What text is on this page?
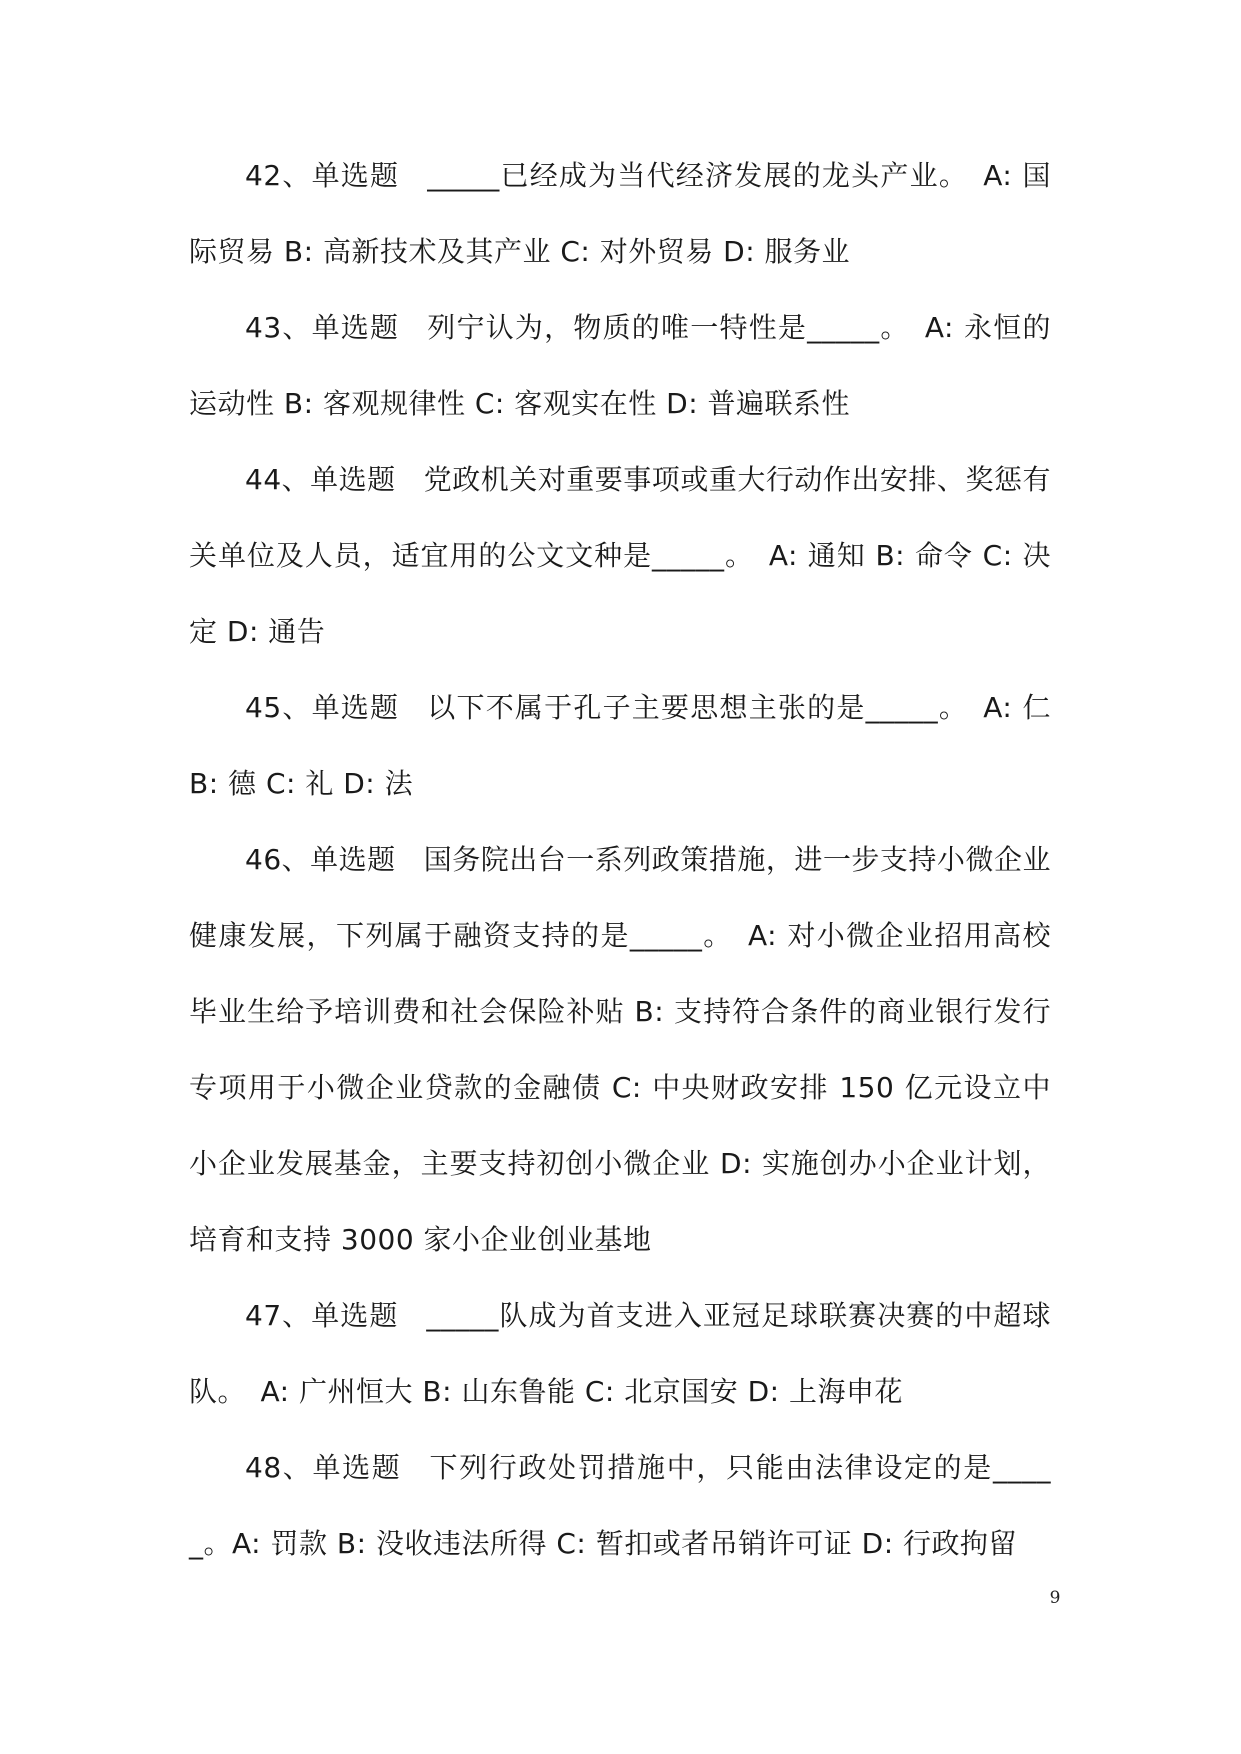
42、单选题 _____已经成为当代经济发展的龙头产业。　A: 国际贸易 B: 高新技术及其产业 C: 对外贸易 D: 服务业

43、单选题 列宁认为，物质的唯一特性是_____。　A: 永恒的运动性 B: 客观规律性 C: 客观实在性 D: 普遍联系性

44、单选题 党政机关对重要事项或重大行动作出安排、奖惩有关单位及人员，适宜用的公文文种是_____。　A: 通知 B: 命令 C: 决定 D: 通告

45、单选题 以下不属于孔子主要思想主张的是_____。　A: 仁 B: 德 C: 礼 D: 法

46、单选题 国务院出台一系列政策措施，进一步支持小微企业健康发展，下列属于融资支持的是_____。　A: 对小微企业招用高校毕业生给予培训费和社会保险补贴 B: 支持符合条件的商业银行发行专项用于小微企业贷款的金融债 C: 中央财政安排 150 亿元设立中小企业发展基金，主要支持初创小微企业 D: 实施创办小企业计划，培育和支持 3000 家小企业创业基地

47、单选题 _____队成为首支进入亚冠足球联赛决赛的中超球队。　A: 广州恒大 B: 山东鲁能 C: 北京国安 D: 上海申花

48、单选题 下列行政处罚措施中，只能由法律设定的是_____。A: 罚款 B: 没收违法所得 C: 暂扣或者吊销许可证 D: 行政拘留

9
